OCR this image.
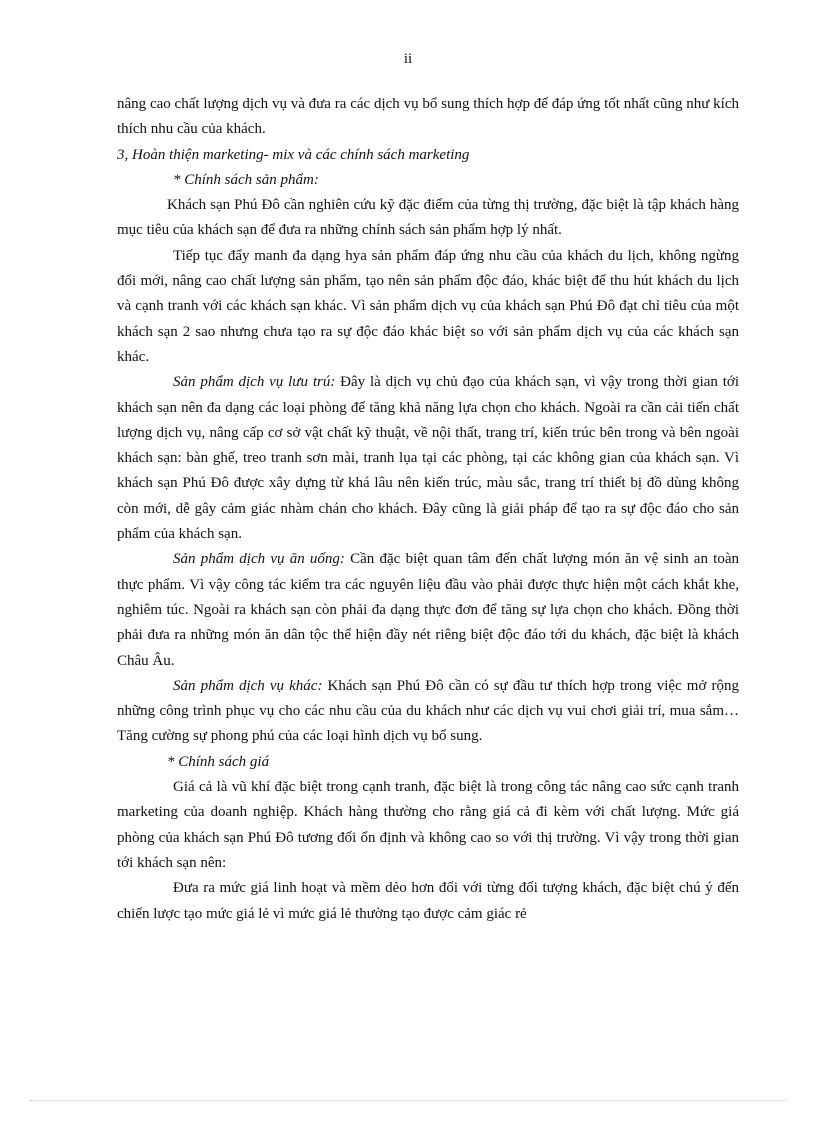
ii

nâng cao chất lượng dịch vụ và đưa ra các dịch vụ bổ sung thích hợp để đáp ứng tốt nhất cũng như kích thích nhu cầu của khách.

3, Hoàn thiện marketing- mix và các chính sách marketing

* Chính sách sản phẩm:

Khách sạn Phú Đô cần nghiên cứu kỹ đặc điểm của từng thị trường, đặc biệt là tập khách hàng mục tiêu của khách sạn để đưa ra những chính sách sản phẩm hợp lý nhất.

Tiếp tục đẩy manh đa dạng hya sản phẩm đáp ứng nhu cầu của khách du lịch, không ngừng đổi mới, nâng cao chất lượng sản phẩm, tạo nên sản phẩm độc đáo, khác biệt để thu hút khách du lịch và cạnh tranh với các khách sạn khác. Vì sản phẩm dịch vụ của khách sạn Phú Đô đạt chỉ tiêu của một khách sạn 2 sao nhưng chưa tạo ra sự độc đáo khác biệt so với sản phẩm dịch vụ của các khách sạn khác.

Sản phẩm dịch vụ lưu trú: Đây là dịch vụ chủ đạo của khách sạn, vì vậy trong thời gian tới khách sạn nên đa dạng các loại phòng để tăng khả năng lựa chọn cho khách. Ngoài ra cần cải tiến chất lượng dịch vụ, nâng cấp cơ sở vật chất kỹ thuật, về nội thất, trang trí, kiến trúc bên trong và bên ngoài khách sạn: bàn ghế, treo tranh sơn mài, tranh lụa tại các phòng, tại các không gian của khách sạn. Vì khách sạn Phú Đô được xây dựng từ khá lâu nên kiến trúc, màu sắc, trang trí thiết bị đồ dùng không còn mới, dễ gây cảm giác nhàm chán cho khách. Đây cũng là giải pháp để tạo ra sự độc đáo cho sản phẩm của khách sạn.

Sản phẩm dịch vụ ăn uống: Cần đặc biệt quan tâm đến chất lượng món ăn vệ sinh an toàn thực phẩm. Vì vậy công tác kiểm tra các nguyên liệu đầu vào phải được thực hiện một cách khắt khe, nghiêm túc. Ngoài ra khách sạn còn phải đa dạng thực đơn để tăng sự lựa chọn cho khách. Đồng thời phải đưa ra những món ăn dân tộc thể hiện đầy nét riêng biệt độc đáo tới du khách, đặc biệt là khách Châu Âu.

Sản phẩm dịch vụ khác: Khách sạn Phú Đô cần có sự đầu tư thích hợp trong việc mở rộng những công trình phục vụ cho các nhu cầu của du khách như các dịch vụ vui chơi giải trí, mua sắm… Tăng cường sự phong phú của các loại hình dịch vụ bổ sung.

* Chính sách giá

Giá cả là vũ khí đặc biệt trong cạnh tranh, đặc biệt là trong công tác nâng cao sức cạnh tranh marketing của doanh nghiệp. Khách hàng thường cho rằng giá cả đi kèm với chất lượng. Mức giá phòng của khách sạn Phú Đô tương đối ổn định và không cao so với thị trường. Vì vậy trong thời gian tới khách sạn nên:

Đưa ra mức giá linh hoạt và mềm dẻo hơn đối với từng đối tượng khách, đặc biệt chú ý đến chiến lược tạo mức giá lẻ vì mức giá lẻ thường tạo được cảm giác rẻ
